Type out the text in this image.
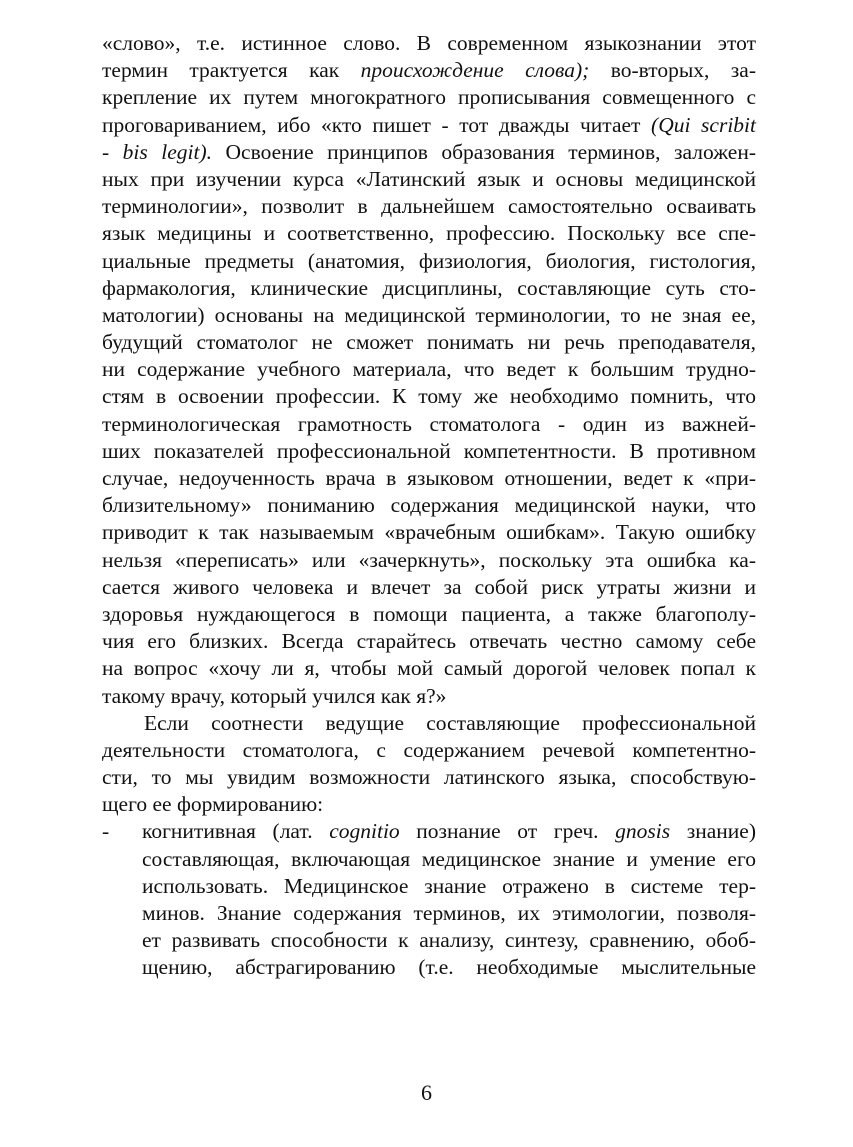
«слово», т.е. истинное слово. В современном языкознании этот
термин трактуется как происхождение слова); во-вторых, за-
крепление их путем многократного прописывания совмещенного с
проговариванием, ибо «кто пишет - тот дважды читает (Qui scribit
- bis legit). Освоение принципов образования терминов, заложен-
ных при изучении курса «Латинский язык и основы медицинской
терминологии», позволит в дальнейшем самостоятельно осваивать
язык медицины и соответственно, профессию. Поскольку все спе-
циальные предметы (анатомия, физиология, биология, гистология,
фармакология, клинические дисциплины, составляющие суть сто-
матологии) основаны на медицинской терминологии, то не зная ее,
будущий стоматолог не сможет понимать ни речь преподавателя,
ни содержание учебного материала, что ведет к большим трудно-
стям в освоении профессии. К тому же необходимо помнить, что
терминологическая грамотность стоматолога - один из важней-
ших показателей профессиональной компетентности. В противном
случае, недоученность врача в языковом отношении, ведет к «при-
близительному» пониманию содержания медицинской науки, что
приводит к так называемым «врачебным ошибкам». Такую ошибку
нельзя «переписать» или «зачеркнуть», поскольку эта ошибка ка-
сается живого человека и влечет за собой риск утраты жизни и
здоровья нуждающегося в помощи пациента, а также благополу-
чия его близких. Всегда старайтесь отвечать честно самому себе
на вопрос «хочу ли я, чтобы мой самый дорогой человек попал к
такому врачу, который учился как я?»
Если соотнести ведущие составляющие профессиональной
деятельности стоматолога, с содержанием речевой компетентно-
сти, то мы увидим возможности латинского языка, способствую-
щего ее формированию:
- когнитивная (лат. cognitio познание от греч. gnosis знание)
составляющая, включающая медицинское знание и умение его
использовать. Медицинское знание отражено в системе тер-
минов. Знание содержания терминов, их этимологии, позволя-
ет развивать способности к анализу, синтезу, сравнению, обоб-
щению, абстрагированию (т.е. необходимые мыслительные
6
